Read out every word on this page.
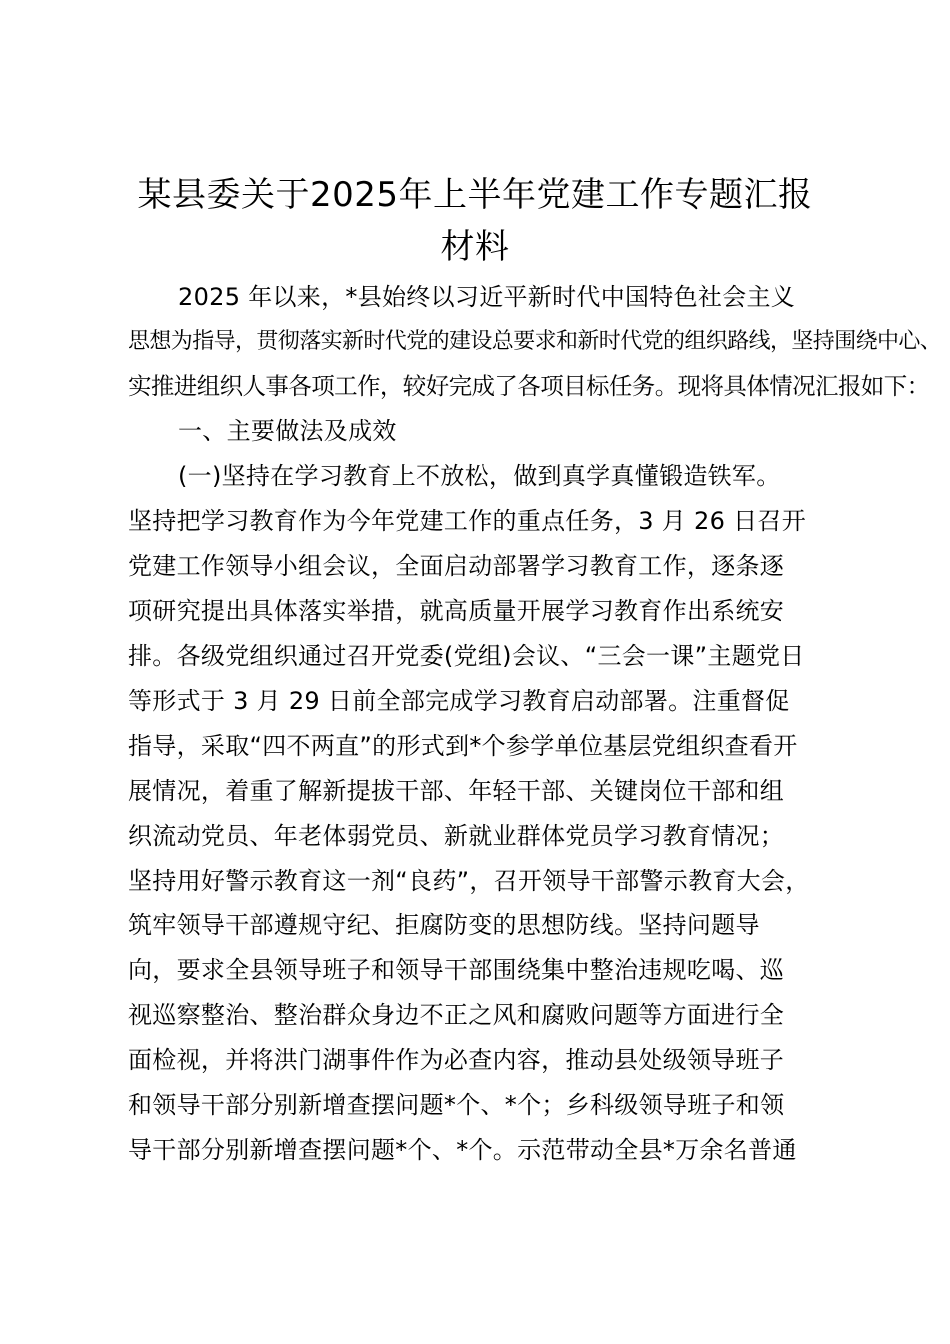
某县委关于2025年上半年党建工作专题汇报
材料
2025 年以来，*县始终以习近平新时代中国特色社会主义
思想为指导，贯彻落实新时代党的建设总要求和新时代党的组织路线，坚持围绕中心、
实推进组织人事各项工作，较好完成了各项目标任务。现将具体情况汇报如下：
一、主要做法及成效
(一)坚持在学习教育上不放松，做到真学真懂锻造铁军。
坚持把学习教育作为今年党建工作的重点任务，3 月 26 日召开
党建工作领导小组会议，全面启动部署学习教育工作，逐条逐
项研究提出具体落实举措，就高质量开展学习教育作出系统安
排。各级党组织通过召开党委(党组)会议、“三会一课”主题党日
等形式于 3 月 29 日前全部完成学习教育启动部署。注重督促
指导，采取“四不两直”的形式到*个参学单位基层党组织查看开
展情况，着重了解新提拔干部、年轻干部、关键岗位干部和组
织流动党员、年老体弱党员、新就业群体党员学习教育情况；
坚持用好警示教育这一剂“良药”，召开领导干部警示教育大会，
筑牢领导干部遵规守纪、拒腐防变的思想防线。坚持问题导
向，要求全县领导班子和领导干部围绕集中整治违规吃喝、巡
视巡察整治、整治群众身边不正之风和腐败问题等方面进行全
面检视，并将洪门湖事件作为必查内容，推动县处级领导班子
和领导干部分别新增查摆问题*个、*个；乡科级领导班子和领
导干部分别新增查摆问题*个、*个。示范带动全县*万余名普通
